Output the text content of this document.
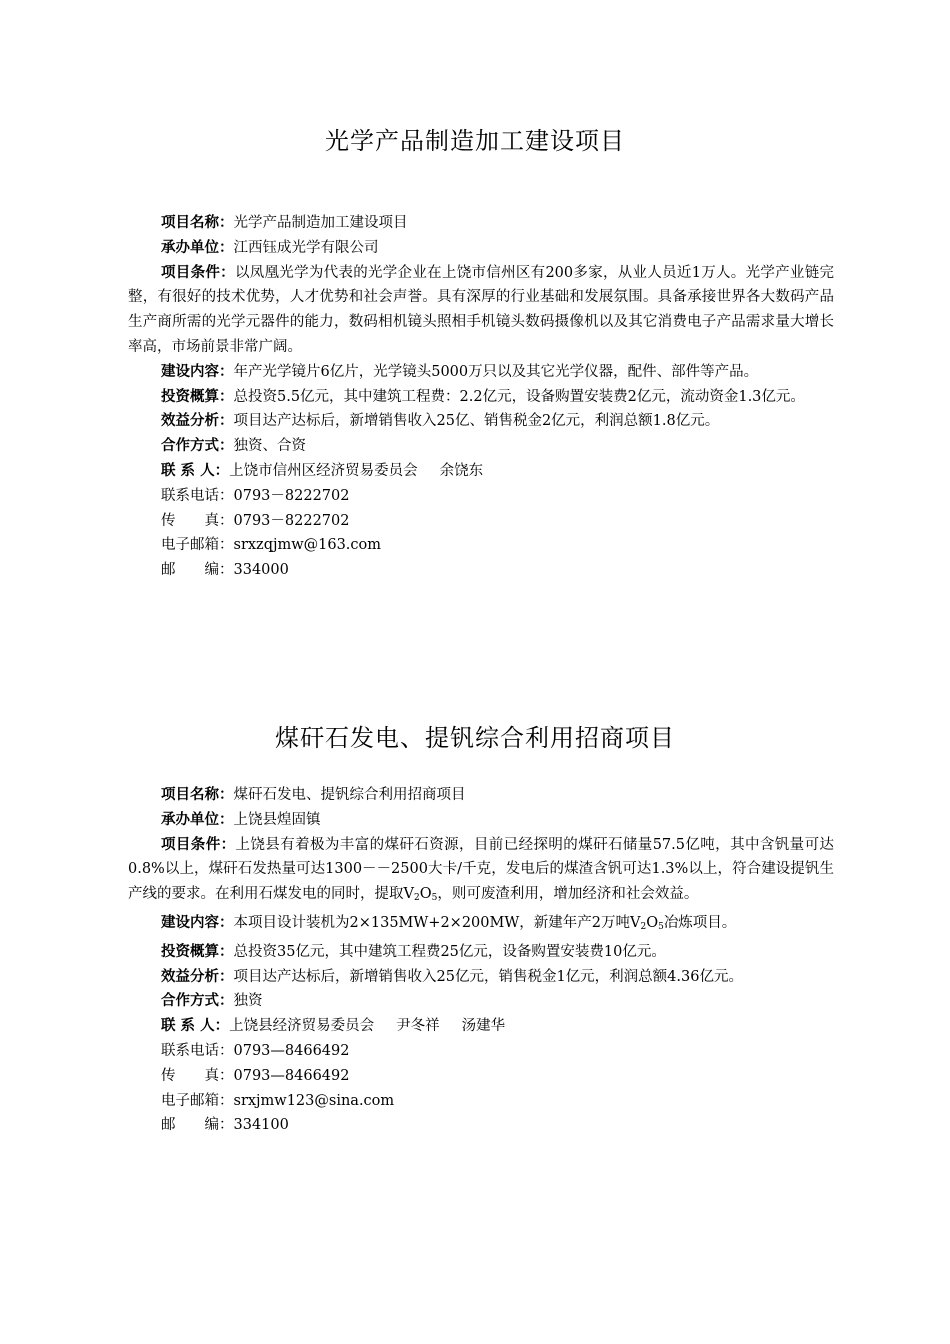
光学产品制造加工建设项目

项目名称：光学产品制造加工建设项目

承办单位：江西钰成光学有限公司

项目条件：以凤凰光学为代表的光学企业在上饶市信州区有200多家，从业人员近1万人。光学产业链完整，有很好的技术优势，人才优势和社会声誉。具有深厚的行业基础和发展氛围。具备承接世界各大数码产品生产商所需的光学元器件的能力，数码相机镜头照相手机镜头数码摄像机以及其它消费电子产品需求量大增长率高，市场前景非常广阔。

建设内容：年产光学镜片6亿片，光学镜头5000万只以及其它光学仪器，配件、部件等产品。

投资概算：总投资5.5亿元，其中建筑工程费：2.2亿元，设备购置安装费2亿元，流动资金1.3亿元。

效益分析：项目达产达标后，新增销售收入25亿、销售税金2亿元，利润总额1.8亿元。

合作方式：独资、合资

联 系 人：上饶市信州区经济贸易委员会 余饶东

联系电话：0793－8222702

传　　真：0793－8222702

电子邮箱：srxzqjmw@163.com

邮　　编：334000

煤矸石发电、提钒综合利用招商项目

项目名称：煤矸石发电、提钒综合利用招商项目

承办单位：上饶县煌固镇

项目条件：上饶县有着极为丰富的煤矸石资源，目前已经探明的煤矸石储量57.5亿吨，其中含钒量可达0.8%以上，煤矸石发热量可达1300－－2500大卡/千克，发电后的煤渣含钒可达1.3%以上，符合建设提钒生产线的要求。在利用石煤发电的同时，提取$V_2O_5$，则可废渣利用，增加经济和社会效益。

建设内容：本项目设计装机为2×135MW+2×200MW，新建年产2万吨$V_2O_5$冶炼项目。

投资概算：总投资35亿元，其中建筑工程费25亿元，设备购置安装费10亿元。

效益分析：项目达产达标后，新增销售收入25亿元，销售税金1亿元，利润总额4.36亿元。

合作方式：独资

联 系 人：上饶县经济贸易委员会 尹冬祥 汤建华

联系电话：0793—8466492

传　　真：0793—8466492

电子邮箱：srxjmw123@sina.com

邮　　编：334100
